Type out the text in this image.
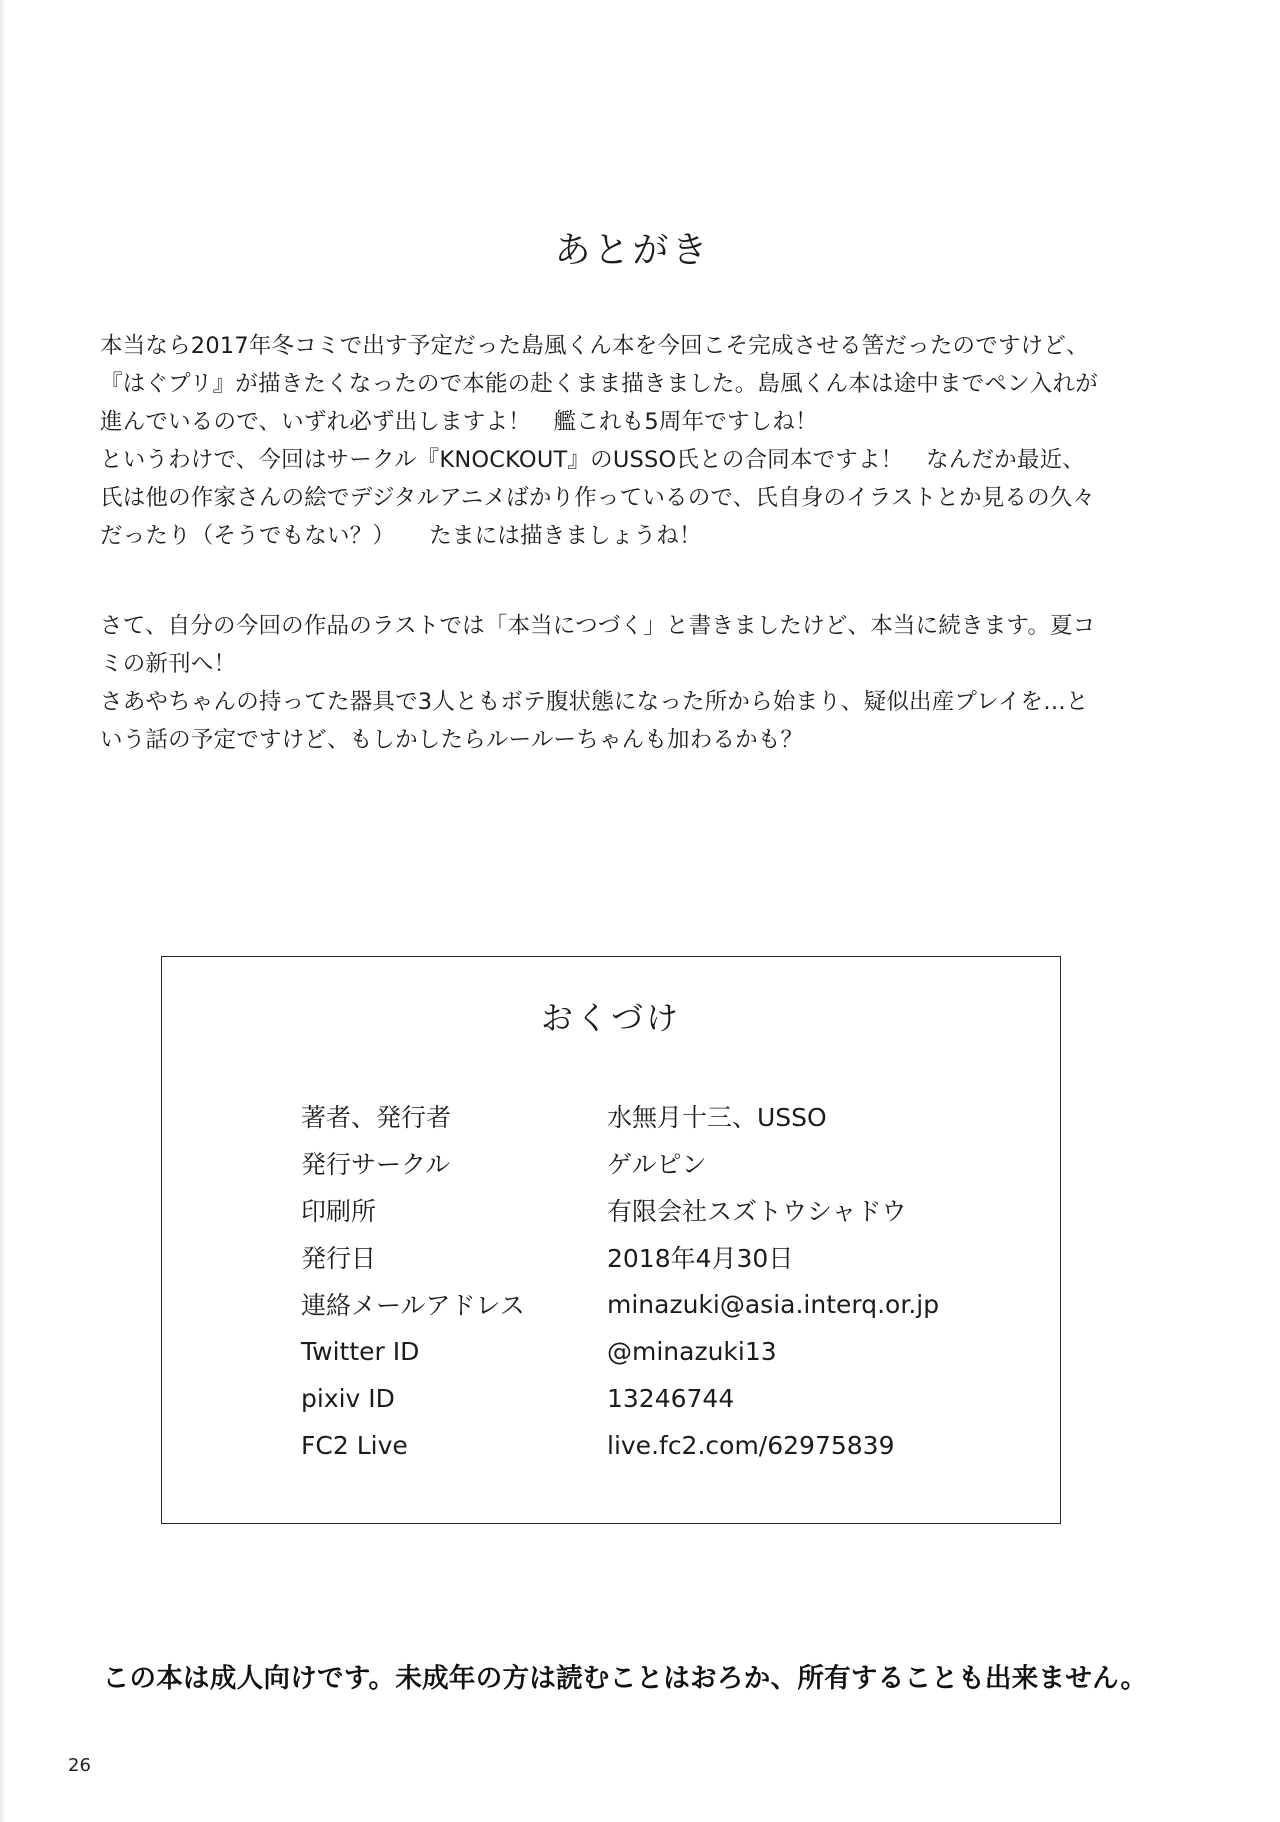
あとがき
本当なら2017年冬コミで出す予定だった島風くん本を今回こそ完成させる筈だったのですけど、
『はぐプリ』が描きたくなったので本能の赴くまま描きました。島風くん本は途中までペン入れが
進んでいるので、いずれ必ず出しますよ！　艦これも5周年ですしね！
というわけで、今回はサークル『KNOCKOUT』のUSSO氏との合同本ですよ！　なんだか最近、
氏は他の作家さんの絵でデジタルアニメばかり作っているので、氏自身のイラストとか見るの久々
だったり（そうでもない？）　　たまには描きましょうね！
さて、自分の今回の作品のラストでは「本当につづく」と書きましたけど、本当に続きます。夏コ
ミの新刊へ！
さあやちゃんの持ってた器具で3人ともボテ腹状態になった所から始まり、疑似出産プレイを…と
いう話の予定ですけど、もしかしたらルールーちゃんも加わるかも？
おくづけ
著者、発行者	水無月十三、USSO
発行サークル	ゲルピン
印刷所	有限会社スズトウシャドウ
発行日	2018年4月30日
連絡メールアドレス	minazuki@asia.interq.or.jp
Twitter ID	@minazuki13
pixiv ID	13246744
FC2 Live	live.fc2.com/62975839
この本は成人向けです。未成年の方は読むことはおろか、所有することも出来ません。
26
